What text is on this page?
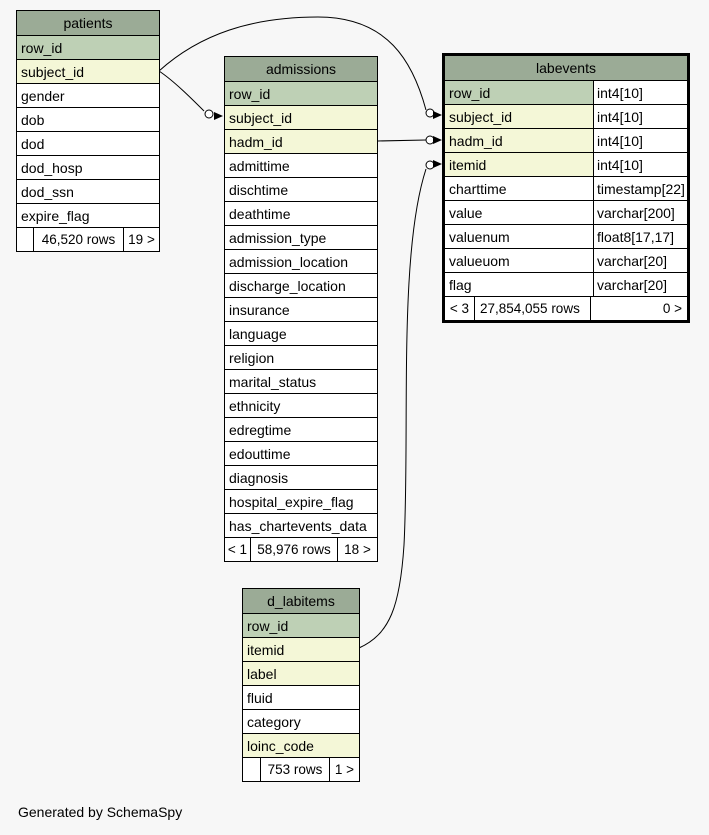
patients
row_id
subject_id
gender
dob
dod
dod_hosp
dod_ssn
expire_flag
46,520 rows 19 >
admissions
row_id
subject_id
hadm_id
admittime
dischtime
deathtime
admission_type
admission_location
discharge_location
insurance
language
religion
marital_status
ethnicity
edregtime
edouttime
diagnosis
hospital_expire_flag
has_chartevents_data
< 1 58,976 rows 18 >
labevents
row_id	int4[10]
subject_id	int4[10]
hadm_id	int4[10]
itemid	int4[10]
charttime	timestamp[22]
value	varchar[200]
valuenum	float8[17,17]
valueuom	varchar[20]
flag	varchar[20]
< 3 27,854,055 rows	0 >
d_labitems
row_id
itemid
label
fluid
category
loinc_code
753 rows 1 >
Generated by SchemaSpy
